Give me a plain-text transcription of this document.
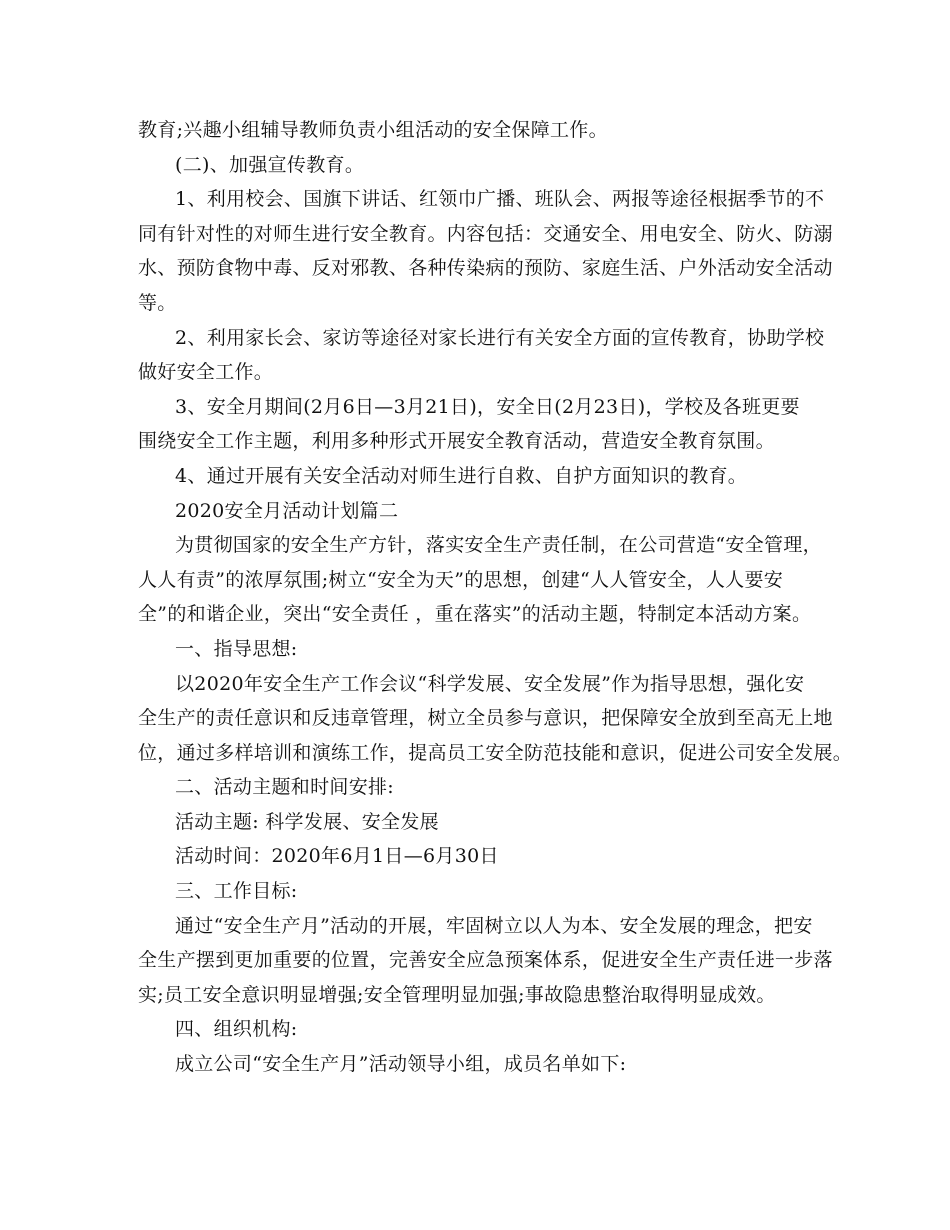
教育;兴趣小组辅导教师负责小组活动的安全保障工作。
(二)、加强宣传教育。
1、利用校会、国旗下讲话、红领巾广播、班队会、两报等途径根据季节的不
同有针对性的对师生进行安全教育。内容包括：交通安全、用电安全、防火、防溺
水、预防食物中毒、反对邪教、各种传染病的预防、家庭生活、户外活动安全活动
等。
2、利用家长会、家访等途径对家长进行有关安全方面的宣传教育，协助学校
做好安全工作。
3、安全月期间(2月6日—3月21日)，安全日(2月23日)，学校及各班更要
围绕安全工作主题，利用多种形式开展安全教育活动，营造安全教育氛围。
4、通过开展有关安全活动对师生进行自救、自护方面知识的教育。
2020安全月活动计划篇二
为贯彻国家的安全生产方针，落实安全生产责任制，在公司营造“安全管理，
人人有责”的浓厚氛围;树立“安全为天”的思想，创建“人人管安全，人人要安
全”的和谐企业，突出“安全责任 ，重在落实”的活动主题，特制定本活动方案。
一、指导思想:
以2020年安全生产工作会议“科学发展、安全发展”作为指导思想，强化安
全生产的责任意识和反违章管理，树立全员参与意识，把保障安全放到至高无上地
位，通过多样培训和演练工作，提高员工安全防范技能和意识，促进公司安全发展。
二、活动主题和时间安排:
活动主题: 科学发展、安全发展
活动时间：2020年6月1日—6月30日
三、工作目标:
通过“安全生产月”活动的开展，牢固树立以人为本、安全发展的理念，把安
全生产摆到更加重要的位置，完善安全应急预案体系，促进安全生产责任进一步落
实;员工安全意识明显增强;安全管理明显加强;事故隐患整治取得明显成效。
四、组织机构:
成立公司“安全生产月”活动领导小组，成员名单如下:
